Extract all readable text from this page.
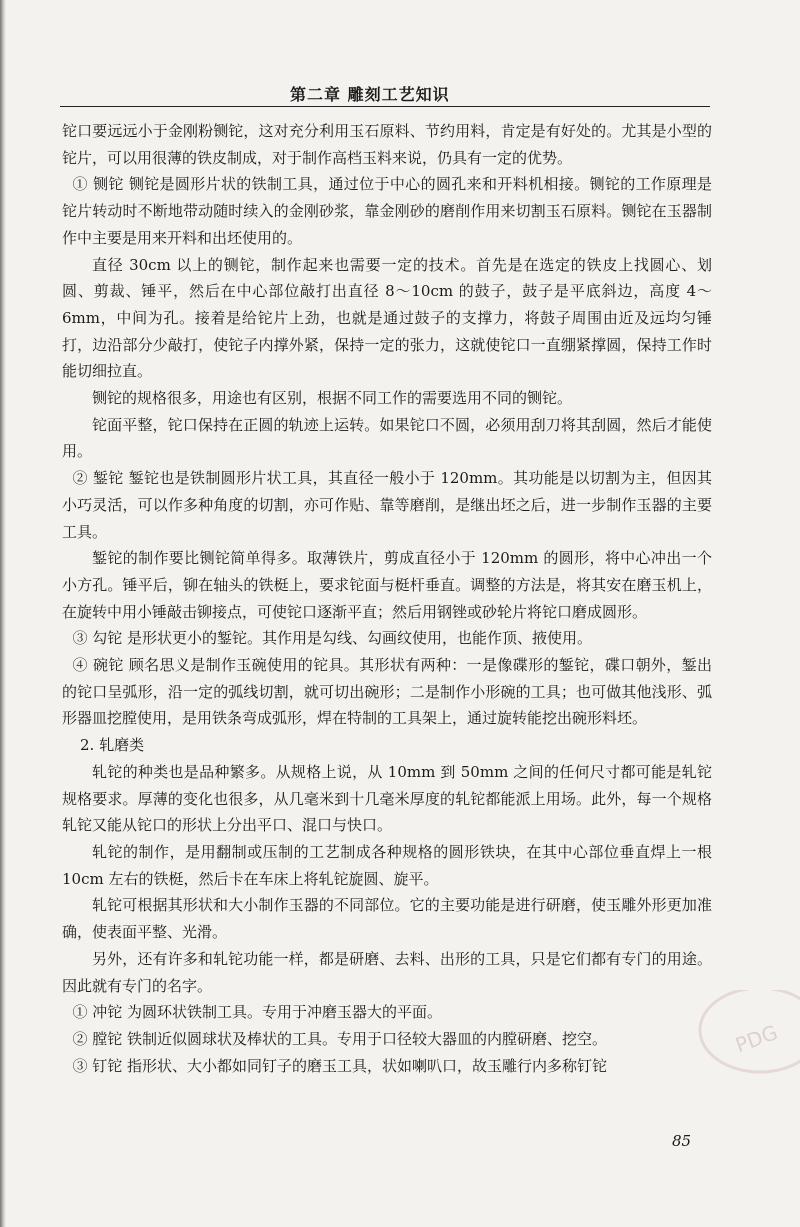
第二章 雕刻工艺知识

铊口要远远小于金刚粉铡铊，这对充分利用玉石原料、节约用料，肯定是有好处的。尤其是小型的铊片，可以用很薄的铁皮制成，对于制作高档玉料来说，仍具有一定的优势。

① 铡铊 铡铊是圆形片状的铁制工具，通过位于中心的圆孔来和开料机相接。铡铊的工作原理是铊片转动时不断地带动随时续入的金刚砂浆，靠金刚砂的磨削作用来切割玉石原料。铡铊在玉器制作中主要是用来开料和出坯使用的。

直径 30cm 以上的铡铊，制作起来也需要一定的技术。首先是在选定的铁皮上找圆心、划圆、剪裁、锤平，然后在中心部位敲打出直径 8～10cm 的鼓子，鼓子是平底斜边，高度 4～6mm，中间为孔。接着是给铊片上劲，也就是通过鼓子的支撑力，将鼓子周围由近及远均匀锤打，边沿部分少敲打，使铊子内撑外紧，保持一定的张力，这就使铊口一直绷紧撑圆，保持工作时能切细拉直。

铡铊的规格很多，用途也有区别，根据不同工作的需要选用不同的铡铊。

铊面平整，铊口保持在正圆的轨迹上运转。如果铊口不圆，必须用刮刀将其刮圆，然后才能使用。

② 錾铊 錾铊也是铁制圆形片状工具，其直径一般小于 120mm。其功能是以切割为主，但因其小巧灵活，可以作多种角度的切割，亦可作贴、靠等磨削，是继出坯之后，进一步制作玉器的主要工具。

錾铊的制作要比铡铊简单得多。取薄铁片，剪成直径小于 120mm 的圆形，将中心冲出一个小方孔。锤平后，铆在轴头的铁梃上，要求铊面与梃杆垂直。调整的方法是，将其安在磨玉机上，在旋转中用小锤敲击铆接点，可使铊口逐渐平直；然后用钢锉或砂轮片将铊口磨成圆形。

③ 勾铊 是形状更小的錾铊。其作用是勾线、勾画纹使用，也能作顶、掖使用。

④ 碗铊 顾名思义是制作玉碗使用的铊具。其形状有两种：一是像碟形的錾铊，碟口朝外，錾出的铊口呈弧形，沿一定的弧线切割，就可切出碗形；二是制作小形碗的工具；也可做其他浅形、弧形器皿挖膛使用，是用铁条弯成弧形，焊在特制的工具架上，通过旋转能挖出碗形料坯。

2. 轧磨类

轧铊的种类也是品种繁多。从规格上说，从 10mm 到 50mm 之间的任何尺寸都可能是轧铊规格要求。厚薄的变化也很多，从几毫米到十几毫米厚度的轧铊都能派上用场。此外，每一个规格轧铊又能从铊口的形状上分出平口、混口与快口。

轧铊的制作，是用翻制或压制的工艺制成各种规格的圆形铁块，在其中心部位垂直焊上一根 10cm 左右的铁梃，然后卡在车床上将轧铊旋圆、旋平。

轧铊可根据其形状和大小制作玉器的不同部位。它的主要功能是进行研磨，使玉雕外形更加准确，使表面平整、光滑。

另外，还有许多和轧铊功能一样，都是研磨、去料、出形的工具，只是它们都有专门的用途。因此就有专门的名字。

① 冲铊 为圆环状铁制工具。专用于冲磨玉器大的平面。

② 膛铊 铁制近似圆球状及棒状的工具。专用于口径较大器皿的内膛研磨、挖空。

③ 钉铊 指形状、大小都如同钉子的磨玉工具，状如喇叭口，故玉雕行内多称钉铊

PDG
85
